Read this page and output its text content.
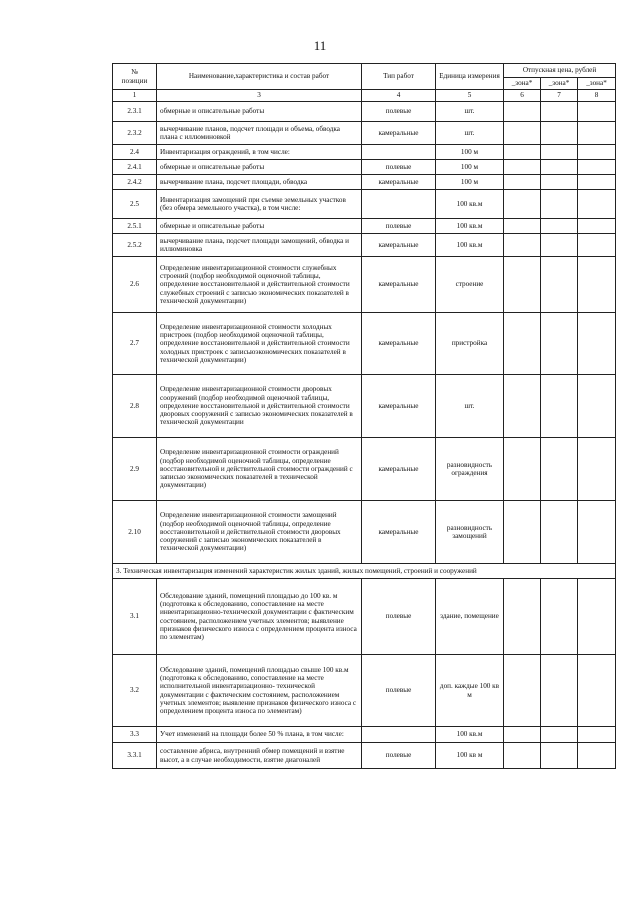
11
№
позиции	Наименование,характеристика и состав работ	Тип работ	Единица измерения	Отпускная цена, рублей		
				_зона*	_зона*	_зона*
1	3	4	5	6	7	8
2.3.1	обмерные и описательные работы	полевые	шт.			
2.3.2	вычерчивание планов, подсчет площади и объема, обводка плана с иллюминовкой	камеральные	шт.			
2.4	Инвентаризация ограждений, в том числе:		100 м			
2.4.1	обмерные и описательные работы	полевые	100 м			
2.4.2	вычерчивание плана, подсчет площади, обводка	камеральные	100 м			
2.5	Инвентаризация замощений при съемке земельных участков (без обмера земельного участка), в том числе:		100 кв.м			
2.5.1	обмерные и описательные работы	полевые	100 кв.м			
2.5.2	вычерчивание плана, подсчет площади замощений, обводка и иллюминовка	камеральные	100 кв.м			
2.6	Определение инвентаризационной стоимости служебных строений (подбор необходимой оценочной таблицы, определение восстановительной и действительной стоимости служебных строений с записью экономических показателей в технической документации)	камеральные	строение			
2.7	Определение инвентаризационной стоимости холодных пристроек (подбор необходимой оценочной таблицы, определение восстановительной и действительной стоимости холодных пристроек с записьюэкономических показателей в технической документации)	камеральные	пристройка			
2.8	Определение инвентаризационной стоимости дворовых сооружений (подбор необходимой оценочной таблицы, определение восстановительной и действительной стоимости дворовых сооружений с записью экономических показателей в технической документации	камеральные	шт.			
2.9	Определение инвентаризационной стоимости ограждений (подбор необходимой оценочной таблицы, определение восстановительной и действительной стоимости ограждений с записью экономических показателей в технической документации)	камеральные	разновидность ограждения			
2.10	Определение инвентаризационной стоимости замощений (подбор необходимой оценочной таблицы, определение восстановительной и действительной стоимости дворовых сооружений с записью экономических показателей в технической документации)	камеральные	разновидность замощений			
3. Техническая инвентаризация изменений характеристик жилых зданий, жилых помещений, строений и сооружений						
3.1	Обследование зданий, помещений площадью до 100 кв. м (подготовка к обследованию, сопоставление на месте инвентаризационно-технической документации с фактическим состоянием, расположением учетных элементов; выявление признаков физического износа с определением процента износа по элементам)	полевые	здание, помещение			
3.2	Обследование зданий, помещений площадью свыше 100 кв.м (подготовка к обследованию, сопоставление на месте исполнительной инвентаризационно- технической документации с фактическим состоянием, расположением учетных элементов; выявление признаков физического износа с определением процента износа по элементам)	полевые	доп. каждые 100 кв м			
3.3	Учет изменений на площади более 50 % плана, в том числе:		100 кв.м			
3.3.1	составление абриса, внутренний обмер помещений и взятие высот, а в случае необходимости, взятие диагоналей	полевые	100 кв м			
